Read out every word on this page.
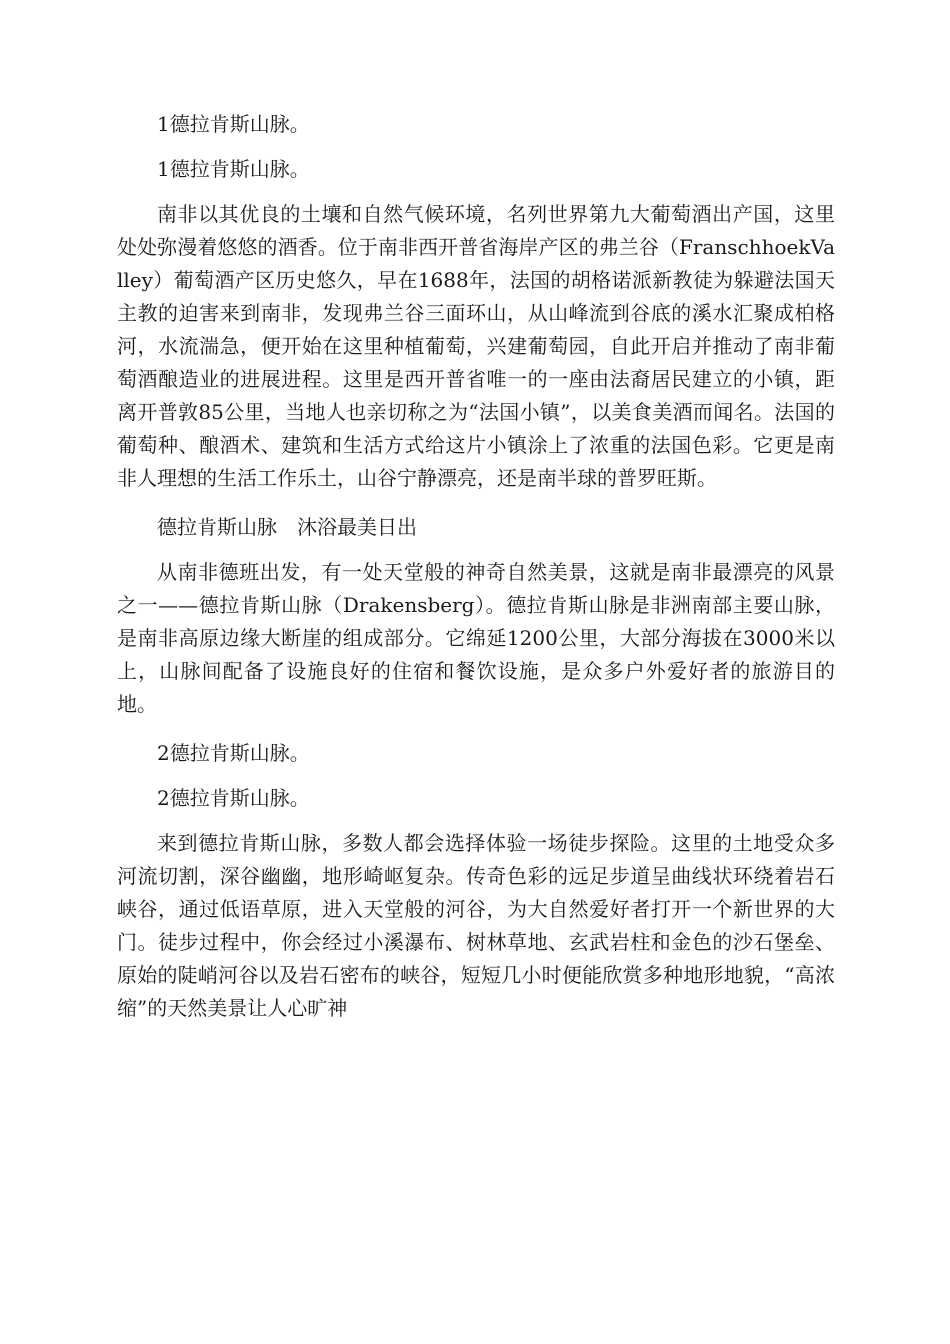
1德拉肯斯山脉。

1德拉肯斯山脉。

南非以其优良的土壤和自然气候环境，名列世界第九大葡萄酒出产国，这里处处弥漫着悠悠的酒香。位于南非西开普省海岸产区的弗兰谷（FranschhoekValley）葡萄酒产区历史悠久，早在1688年，法国的胡格诺派新教徒为躲避法国天主教的迫害来到南非，发现弗兰谷三面环山，从山峰流到谷底的溪水汇聚成柏格河，水流湍急，便开始在这里种植葡萄，兴建葡萄园，自此开启并推动了南非葡萄酒酿造业的进展进程。这里是西开普省唯一的一座由法裔居民建立的小镇，距离开普敦85公里，当地人也亲切称之为“法国小镇”，以美食美酒而闻名。法国的葡萄种、酿酒术、建筑和生活方式给这片小镇涂上了浓重的法国色彩。它更是南非人理想的生活工作乐土，山谷宁静漂亮，还是南半球的普罗旺斯。

德拉肯斯山脉　沐浴最美日出

从南非德班出发，有一处天堂般的神奇自然美景，这就是南非最漂亮的风景之一——德拉肯斯山脉（Drakensberg）。德拉肯斯山脉是非洲南部主要山脉，是南非高原边缘大断崖的组成部分。它绵延1200公里，大部分海拔在3000米以上，山脉间配备了设施良好的住宿和餐饮设施，是众多户外爱好者的旅游目的地。

2德拉肯斯山脉。

2德拉肯斯山脉。

来到德拉肯斯山脉，多数人都会选择体验一场徒步探险。这里的土地受众多河流切割，深谷幽幽，地形崎岖复杂。传奇色彩的远足步道呈曲线状环绕着岩石峡谷，通过低语草原，进入天堂般的河谷，为大自然爱好者打开一个新世界的大门。徒步过程中，你会经过小溪瀑布、树林草地、玄武岩柱和金色的沙石堡垒、原始的陡峭河谷以及岩石密布的峡谷，短短几小时便能欣赏多种地形地貌，“高浓缩”的天然美景让人心旷神
